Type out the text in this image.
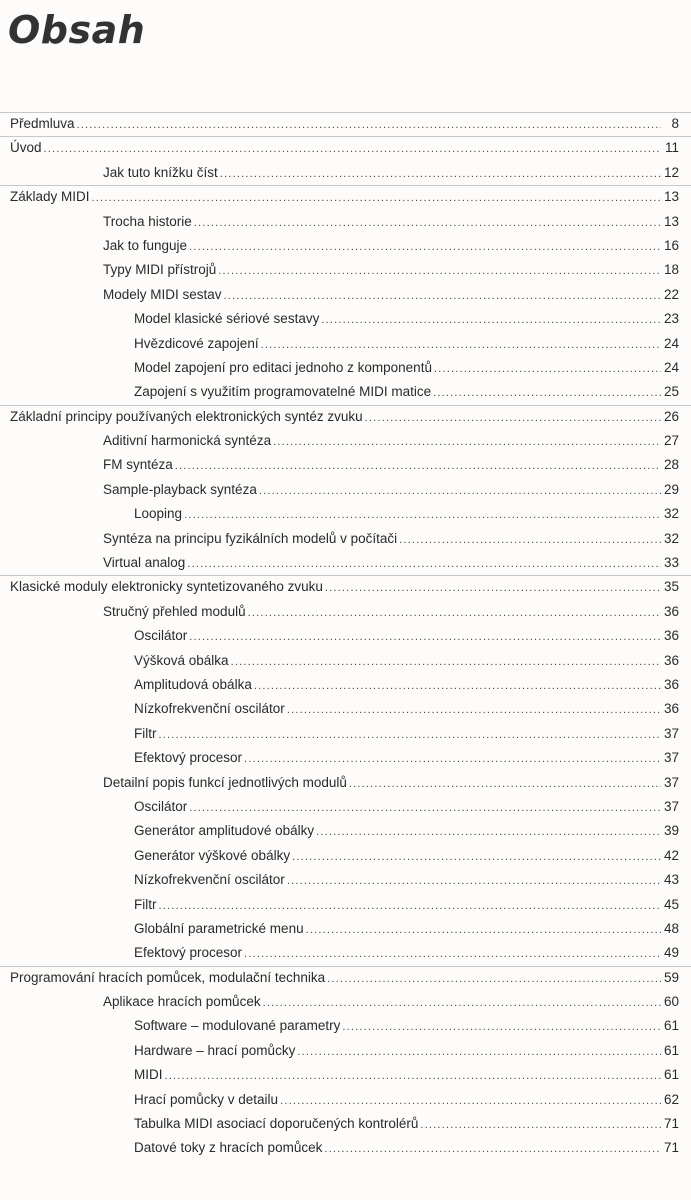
Obsah
Předmluva .....	8
Úvod .....	11
Jak tuto knížku číst .....	12
Základy MIDI .....	13
Trocha historie .....	13
Jak to funguje .....	16
Typy MIDI přístrojů .....	18
Modely MIDI sestav .....	22
Model klasické sériové sestavy .....	23
Hvězdicové zapojení .....	24
Model zapojení pro editaci jednoho z komponentů .....	24
Zapojení s využitím programovatelné MIDI matice .....	25
Základní principy používaných elektronických syntéz zvuku .....	26
Aditivní harmonická syntéza .....	27
FM syntéza .....	28
Sample-playback syntéza .....	29
Looping .....	32
Syntéza na principu fyzikálních modelů v počítači .....	32
Virtual analog .....	33
Klasické moduly elektronicky syntetizovaného zvuku .....	35
Stručný přehled modulů .....	36
Oscilátor .....	36
Výšková obálka .....	36
Amplitudová obálka .....	36
Nízkofrekvenční oscilátor .....	36
Filtr .....	37
Efektový procesor .....	37
Detailní popis funkcí jednotlivých modulů .....	37
Oscilátor .....	37
Generátor amplitudové obálky .....	39
Generátor výškové obálky .....	42
Nízkofrekvenční oscilátor .....	43
Filtr .....	45
Globální parametrické menu .....	48
Efektový procesor .....	49
Programování hracích pomůcek, modulační technika .....	59
Aplikace hracích pomůcek .....	60
Software – modulované parametry .....	61
Hardware – hrací pomůcky .....	61
MIDI .....	61
Hrací pomůcky v detailu .....	62
Tabulka MIDI asociací doporučených kontrolérů .....	71
Datové toky z hracích pomůcek .....	71
